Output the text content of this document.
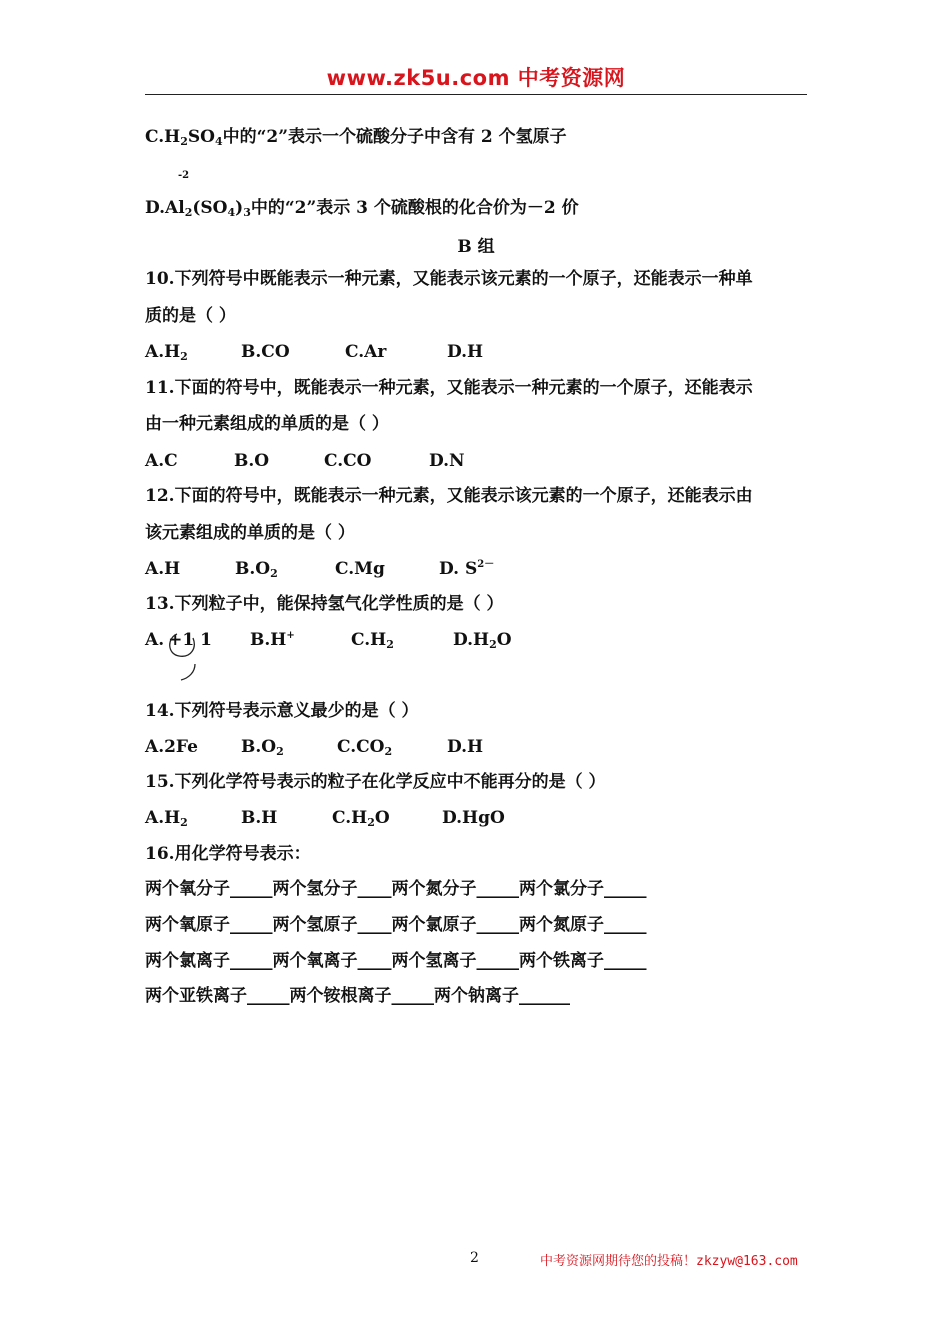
www.zk5u.com 中考资源网
$C.H_2SO_4$中的“2”表示一个硫酸分子中含有 2 个氢原子
-2
$D.Al_2(SO_4)_3$中的“2”表示 3 个硫酸根的化合价为－2 价
B 组
10.下列符号中既能表示一种元素，又能表示该元素的一个原子，还能表示一种单
质的是（ ）
$A.H_2$	B.CO	C.Ar	D.H
11.下面的符号中，既能表示一种元素，又能表示一种元素的一个原子，还能表示
由一种元素组成的单质的是（ ）
A.C	B.O	C.CO	D.N
12.下面的符号中，既能表示一种元素，又能表示该元素的一个原子，还能表示由
该元素组成的单质的是（ ）
A.H	$B.O_2$	C.Mg	D. $S^{2-}$
13.下列粒子中，能保持氢气化学性质的是（ ）
A. +1 1 B.H+	$C.H_2$	$D.H_2O$
14.下列符号表示意义最少的是（ ）
A.2Fe	$B.O_2$	$C.CO_2$	D.H
15.下列化学符号表示的粒子在化学反应中不能再分的是（ ）
$A.H_2$	B.H	$C.H_2O$	D.HgO
16.用化学符号表示：
两个氧分子_____两个氢分子____两个氮分子_____两个氯分子_____
两个氧原子_____两个氢原子____两个氯原子_____两个氮原子_____
两个氯离子_____两个氧离子____两个氢离子_____两个铁离子_____
两个亚铁离子_____两个铵根离子_____两个钠离子______
2	中考资源网期待您的投稿！zkzyw@163.com
